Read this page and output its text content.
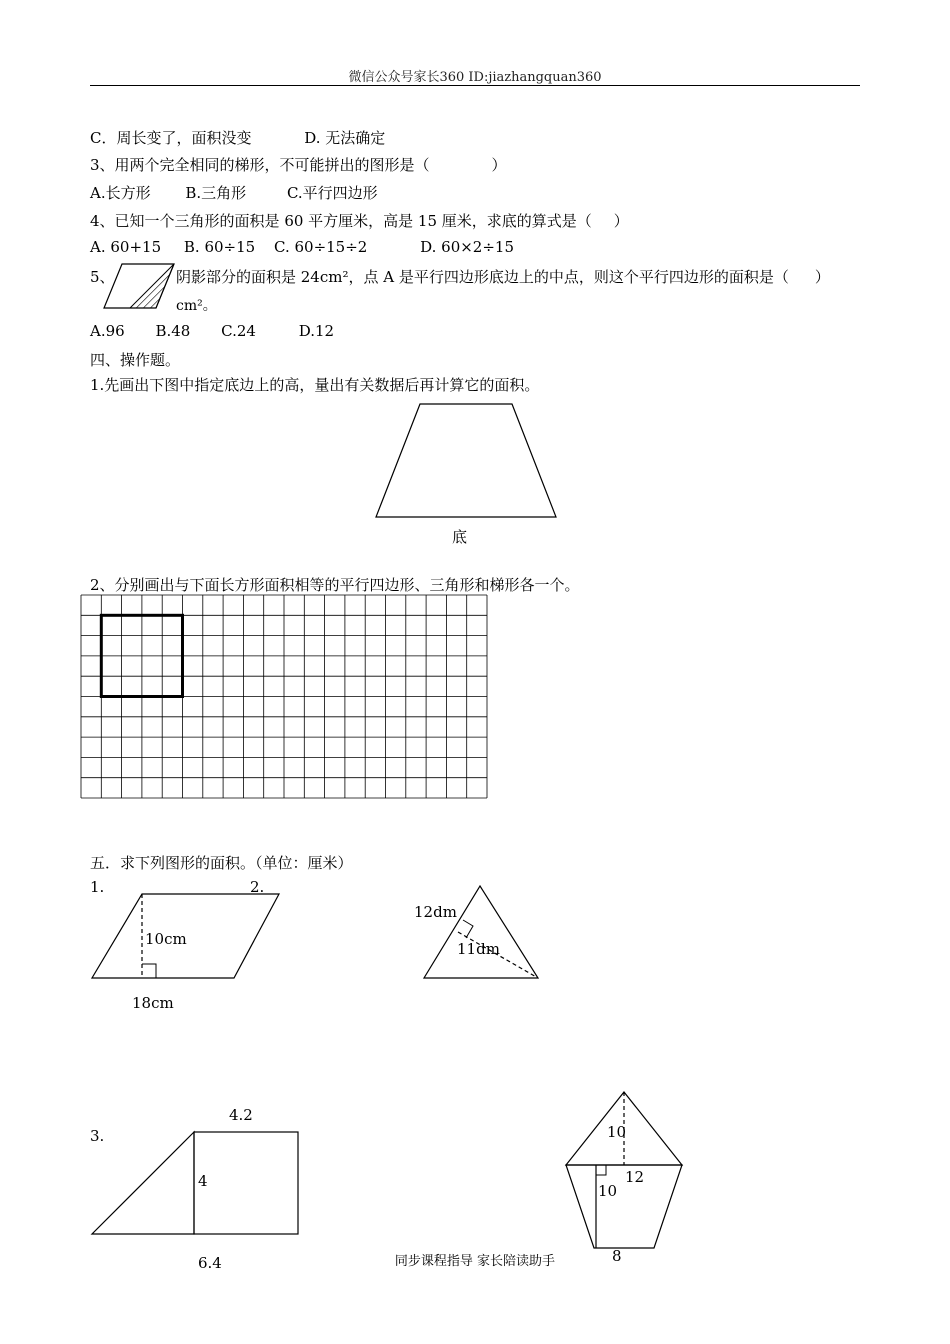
微信公众号家长360 ID:jiazhangquan360
C．周长变了，面积没变	D. 无法确定
3、用两个完全相同的梯形，不可能拼出的图形是（	）
A.长方形 B.三角形	C.平行四边形
4、已知一个三角形的面积是 60 平方厘米，高是 15 厘米，求底的算式是（ ）
A. 60+15 B. 60÷15 C. 60÷15÷2	D. 60×2÷15
5、	阴影部分的面积是 24cm²，点 A 是平行四边形底边上的中点，则这个平行四边形的面积是（ ）
cm²。
A.96 B.48 C.24	D.12
四、操作题。
1.先画出下图中指定底边上的高，量出有关数据后再计算它的面积。
底
2、分别画出与下面长方形面积相等的平行四边形、三角形和梯形各一个。
五．求下列图形的面积。（单位：厘米）
1.	2.
10cm
18cm
12dm
11dm
3.
4.2
4
6.4
10
12
10
8
同步课程指导 家长陪读助手
